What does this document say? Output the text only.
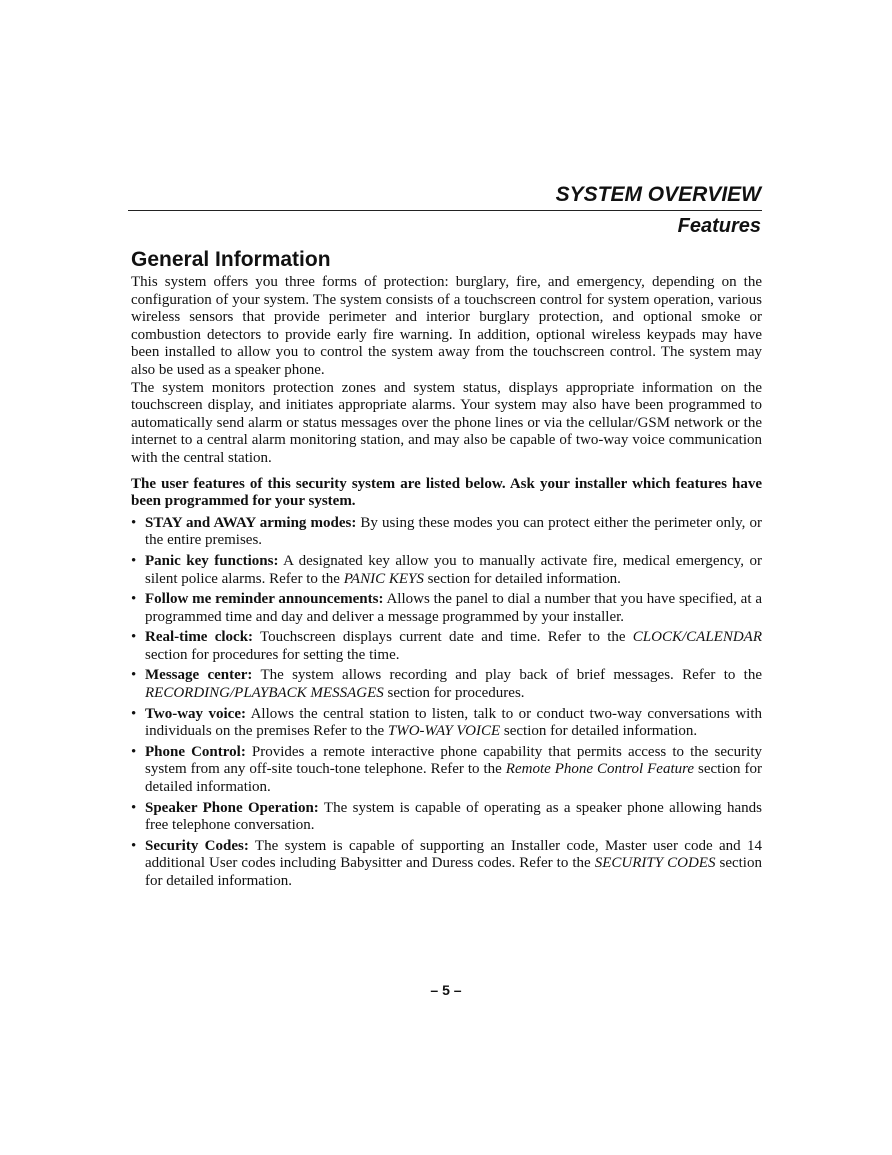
SYSTEM OVERVIEW
Features
General Information

This system offers you three forms of protection: burglary, fire, and emergency, depending on the configuration of your system. The system consists of a touchscreen control for system operation, various wireless sensors that provide perimeter and interior burglary protection, and optional smoke or combustion detectors to provide early fire warning. In addition, optional wireless keypads may have been installed to allow you to control the system away from the touchscreen control. The system may also be used as a speaker phone.

The system monitors protection zones and system status, displays appropriate information on the touchscreen display, and initiates appropriate alarms. Your system may also have been programmed to automatically send alarm or status messages over the phone lines or via the cellular/GSM network or the internet to a central alarm monitoring station, and may also be capable of two-way voice communication with the central station.

The user features of this security system are listed below. Ask your installer which features have been programmed for your system.

• STAY and AWAY arming modes: By using these modes you can protect either the perimeter only, or the entire premises.
• Panic key functions: A designated key allow you to manually activate fire, medical emergency, or silent police alarms. Refer to the PANIC KEYS section for detailed information.
• Follow me reminder announcements: Allows the panel to dial a number that you have specified, at a programmed time and day and deliver a message programmed by your installer.
• Real-time clock: Touchscreen displays current date and time. Refer to the CLOCK/CALENDAR section for procedures for setting the time.
• Message center: The system allows recording and play back of brief messages. Refer to the RECORDING/PLAYBACK MESSAGES section for procedures.
• Two-way voice: Allows the central station to listen, talk to or conduct two-way conversations with individuals on the premises Refer to the TWO-WAY VOICE section for detailed information.
• Phone Control: Provides a remote interactive phone capability that permits access to the security system from any off-site touch-tone telephone. Refer to the Remote Phone Control Feature section for detailed information.
• Speaker Phone Operation: The system is capable of operating as a speaker phone allowing hands free telephone conversation.
• Security Codes: The system is capable of supporting an Installer code, Master user code and 14 additional User codes including Babysitter and Duress codes. Refer to the SECURITY CODES section for detailed information.
– 5 –
